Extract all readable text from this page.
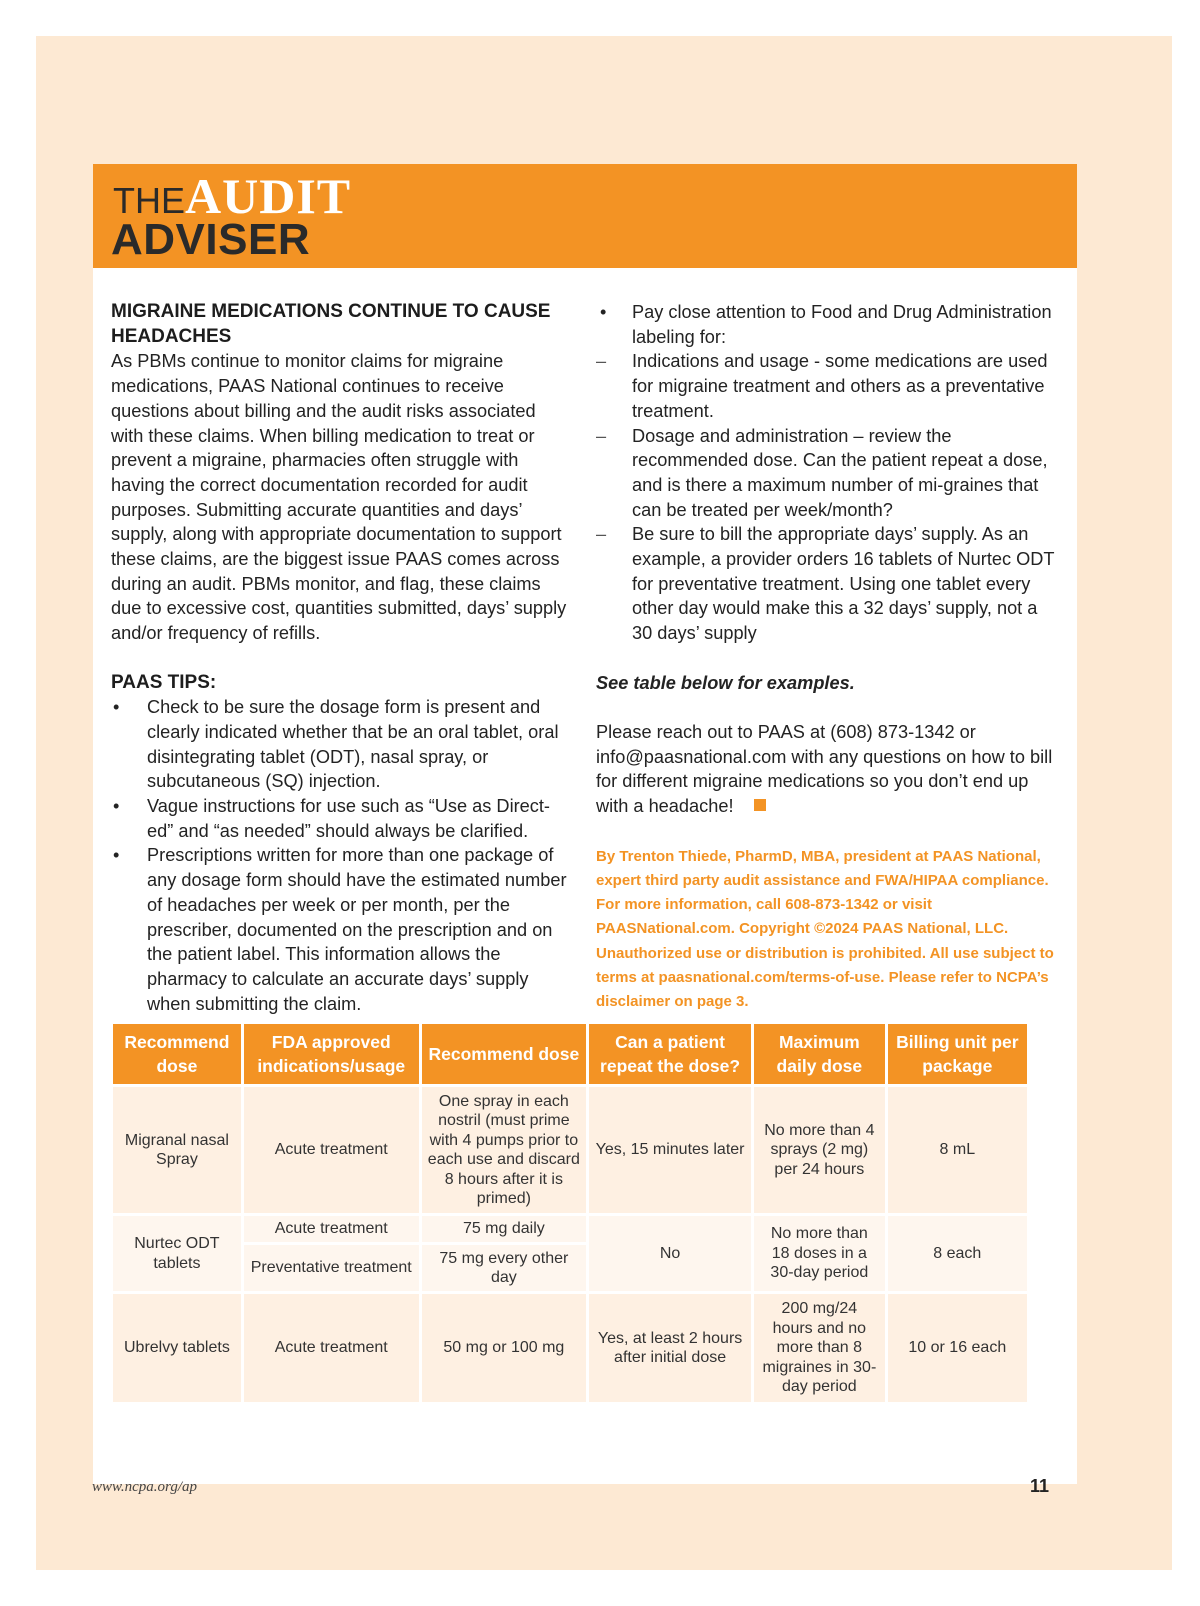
THEAUDIT
ADVISER

MIGRAINE MEDICATIONS CONTINUE TO CAUSE HEADACHES

As PBMs continue to monitor claims for migraine medications, PAAS National continues to receive questions about billing and the audit risks associated with these claims. When billing medication to treat or prevent a migraine, pharmacies often struggle with having the correct documentation recorded for audit purposes. Submitting accurate quantities and days’ supply, along with appropriate documentation to support these claims, are the biggest issue PAAS comes across during an audit. PBMs monitor, and flag, these claims due to excessive cost, quantities submitted, days’ supply and/or frequency of refills.

PAAS TIPS:

• Check to be sure the dosage form is present and clearly indicated whether that be an oral tablet, oral disintegrating tablet (ODT), nasal spray, or subcutaneous (SQ) injection.
• Vague instructions for use such as “Use as Direct-ed” and “as needed” should always be clarified.
• Prescriptions written for more than one package of any dosage form should have the estimated number of headaches per week or per month, per the prescriber, documented on the prescription and on the patient label. This information allows the pharmacy to calculate an accurate days’ supply when submitting the claim.

• Pay close attention to Food and Drug Administration labeling for:

– Indications and usage - some medications are used for migraine treatment and others as a preventative treatment.
– Dosage and administration – review the recommended dose. Can the patient repeat a dose, and is there a maximum number of mi-graines that can be treated per week/month?
– Be sure to bill the appropriate days’ supply. As an example, a provider orders 16 tablets of Nurtec ODT for preventative treatment. Using one tablet every other day would make this a 32 days’ supply, not a 30 days’ supply

See table below for examples.

Please reach out to PAAS at (608) 873-1342 or info@paasnational.com with any questions on how to bill for different migraine medications so you don’t end up with a headache!

By Trenton Thiede, PharmD, MBA, president at PAAS National, expert third party audit assistance and FWA/HIPAA compliance. For more information, call 608-873-1342 or visit PAASNational.com. Copyright ©2024 PAAS National, LLC. Unauthorized use or distribution is prohibited. All use subject to terms at paasnational.com/terms-of-use. Please refer to NCPA’s disclaimer on page 3.

Recommend dose	FDA approved indications/usage	Recommend dose	Can a patient repeat the dose?	Maximum daily dose	Billing unit per package
Migranal nasal Spray	Acute treatment	One spray in each nostril (must prime with 4 pumps prior to each use and discard 8 hours after it is primed)	Yes, 15 minutes later	No more than 4 sprays (2 mg) per 24 hours	8 mL
Nurtec ODT tablets	Acute treatment	75 mg daily	No	No more than 18 doses in a 30-day period	8 each
	Preventative treatment	75 mg every other day			
Ubrelvy tablets	Acute treatment	50 mg or 100 mg	Yes, at least 2 hours after initial dose	200 mg/24 hours and no more than 8 migraines in 30-day period	10 or 16 each
www.ncpa.org/ap	11
